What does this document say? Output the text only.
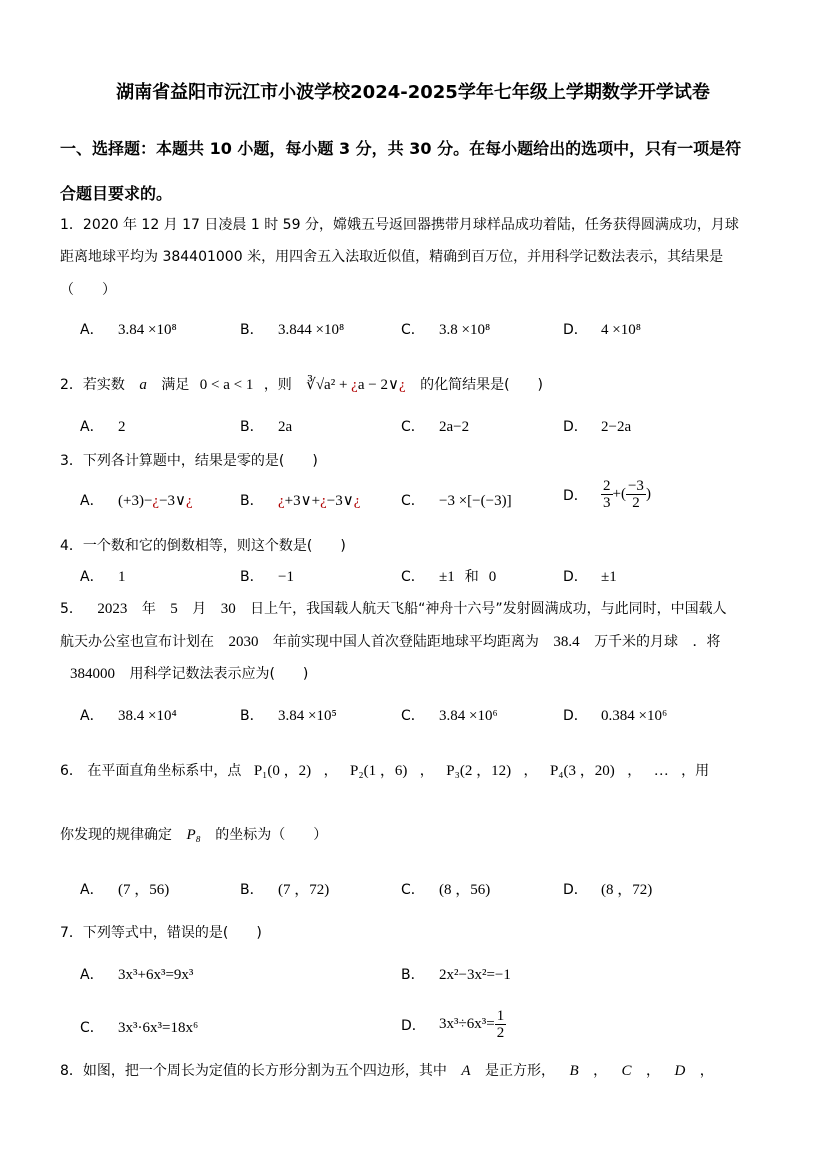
湖南省益阳市沅江市小波学校2024-2025学年七年级上学期数学开学试卷
一、选择题：本题共 10 小题，每小题 3 分，共 30 分。在每小题给出的选项中，只有一项是符
合题目要求的。
1．2020 年 12 月 17 日凌晨 1 时 59 分，嫦娥五号返回器携带月球样品成功着陆，任务获得圆满成功，月球
距离地球平均为 384401000 米，用四舍五入法取近似值，精确到百万位，并用科学记数法表示，其结果是
（　　）
A． 3.84 ×10⁸	B． 3.844 ×10⁸	C． 3.8 ×10⁸	D． 4 ×10⁸
2．若实数 a 满足 0 < a < 1 ，则 ∛√a² + ¿a − 2∨¿ 的化简结果是(　　)
A． 2	B． 2a	C． 2a−2	D． 2−2a
3．下列各计算题中，结果是零的是(　　)
A． (+3)−¿−3∨¿	B． ¿+3∨+¿−3∨¿	C． −3 ×[−(−3)]	D． $\frac{2}{3}$ +( $\frac{-3}{2}$ )
4．一个数和它的倒数相等，则这个数是(　　)
A． 1	B． −1	C． ±1 和 0	D． ±1
5． 2023 年 5 月 30 日上午，我国载人航天飞船“神舟十六号”发射圆满成功，与此同时，中国载人
航天办公室也宣布计划在 2030 年前实现中国人首次登陆距地球平均距离为 38.4 万千米的月球 ．将
384000 用科学记数法表示应为(　　)
A． 38.4 ×10⁴	B． 3.84 ×10⁵	C． 3.84 ×10⁶	D． 0.384 ×10⁶
6． 在平面直角坐标系中，点 P₁(0 ，2) ， P₂(1 ，6) ， P₃(2 ，12) ， P₄(3 ，20) ， … ，用
你发现的规律确定 P₈ 的坐标为（　　）
A． (7 ，56)	B． (7 ，72)	C． (8 ，56)	D． (8 ，72)
7．下列等式中，错误的是(　　)
A． 3x³+6x³=9x³	B． 2x²−3x²=−1
C． 3x³·6x³=18x⁶	D． $3x^3\div 6x^3= \frac{1}{2}$
8．如图，把一个周长为定值的长方形分割为五个四边形，其中 A 是正方形， B ， C ， D ，
